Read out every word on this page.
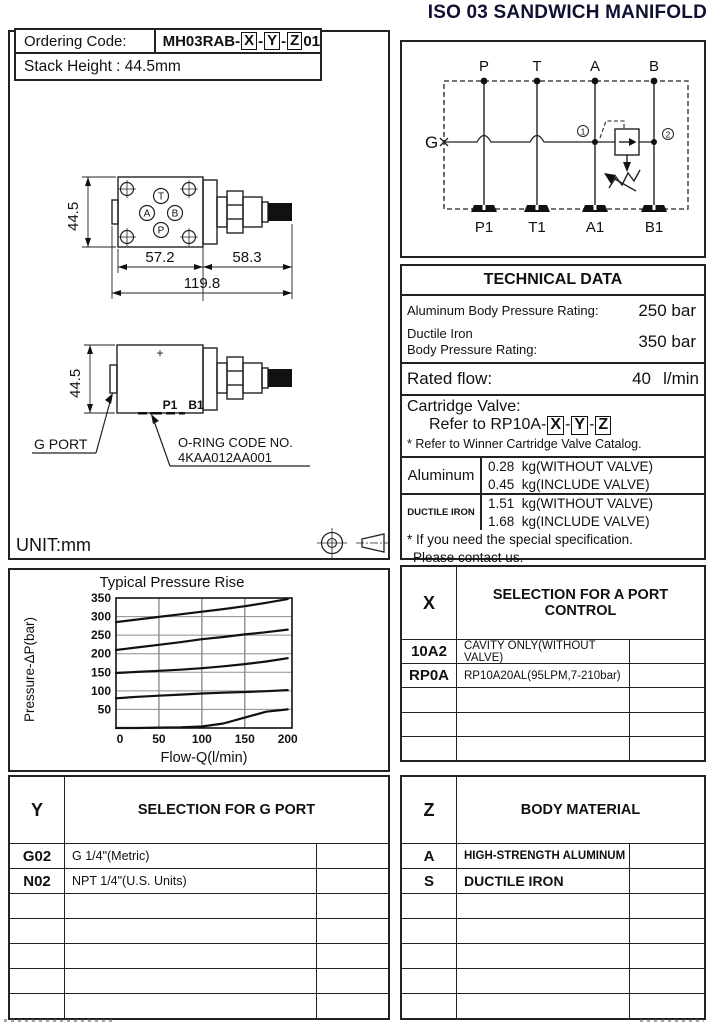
ISO 03 SANDWICH MANIFOLD
Ordering Code:	MH03RAB- X - Y - Z 01
Stack Height : 44.5mm
T
A B
P
44.5
57.2	58.3
119.8
+
P1 B1
44.5
G PORT	O-RING CODE NO.
4KAA012AA001
UNIT:mm
P	T	A	B
P1 T1	A1	B1
G
1	2
TECHNICAL DATA
Aluminum Body Pressure Rating: 250 bar
Ductile Iron
Body Pressure Rating:	350 bar
Rated flow:	40 l/min
Cartridge Valve:
Refer to RP10A- X - Y - Z
* Refer to Winner Cartridge Valve Catalog.
Aluminum
0.28  kg(WITHOUT VALVE)
0.45  kg(INCLUDE VALVE)
DUCTILE IRON
1.51  kg(WITHOUT VALVE)
1.68  kg(INCLUDE VALVE)
* If you need the special specification.
Please contact us.
Typical Pressure Rise
Pressure-ΔP(bar)
Flow-Q(l/min)
50
100
150
200
250
300
350
0 50 100 150 200
X	SELECTION FOR A PORT CONTROL
10A2	CAVITY ONLY(WITHOUT VALVE)
RP0A	RP10A20AL(95LPM,7-210bar)
Y	SELECTION FOR G PORT
G02	G 1/4"(Metric)
N02	NPT 1/4"(U.S. Units)
Z	BODY MATERIAL
A	HIGH-STRENGTH ALUMINUM
S	DUCTILE IRON
